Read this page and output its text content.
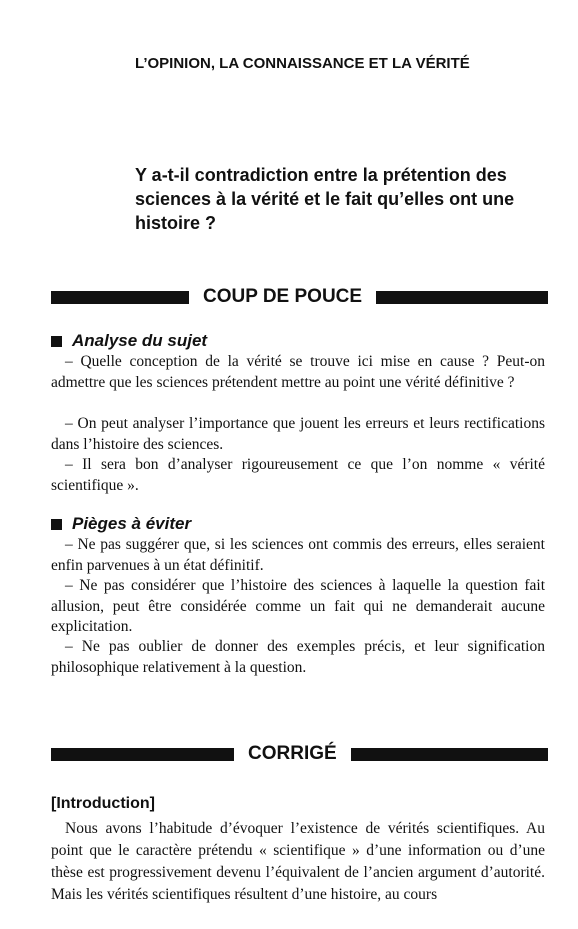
L’OPINION, LA CONNAISSANCE ET LA VÉRITÉ
Y a-t-il contradiction entre la prétention des sciences à la vérité et le fait qu’elles ont une histoire ?
COUP DE POUCE
Analyse du sujet
– Quelle conception de la vérité se trouve ici mise en cause ? Peut-on admettre que les sciences prétendent mettre au point une vérité définitive ?
– On peut analyser l’importance que jouent les erreurs et leurs rectifications dans l’histoire des sciences.
– Il sera bon d’analyser rigoureusement ce que l’on nomme « vérité scientifique ».
Pièges à éviter
– Ne pas suggérer que, si les sciences ont commis des erreurs, elles seraient enfin parvenues à un état définitif.
– Ne pas considérer que l’histoire des sciences à laquelle la question fait allusion, peut être considérée comme un fait qui ne demanderait aucune explicitation.
– Ne pas oublier de donner des exemples précis, et leur signification philosophique relativement à la question.
CORRIGÉ
[Introduction]
Nous avons l’habitude d’évoquer l’existence de vérités scientifiques. Au point que le caractère prétendu « scientifique » d’une information ou d’une thèse est progressivement devenu l’équivalent de l’ancien argument d’autorité. Mais les vérités scientifiques résultent d’une histoire, au cours
